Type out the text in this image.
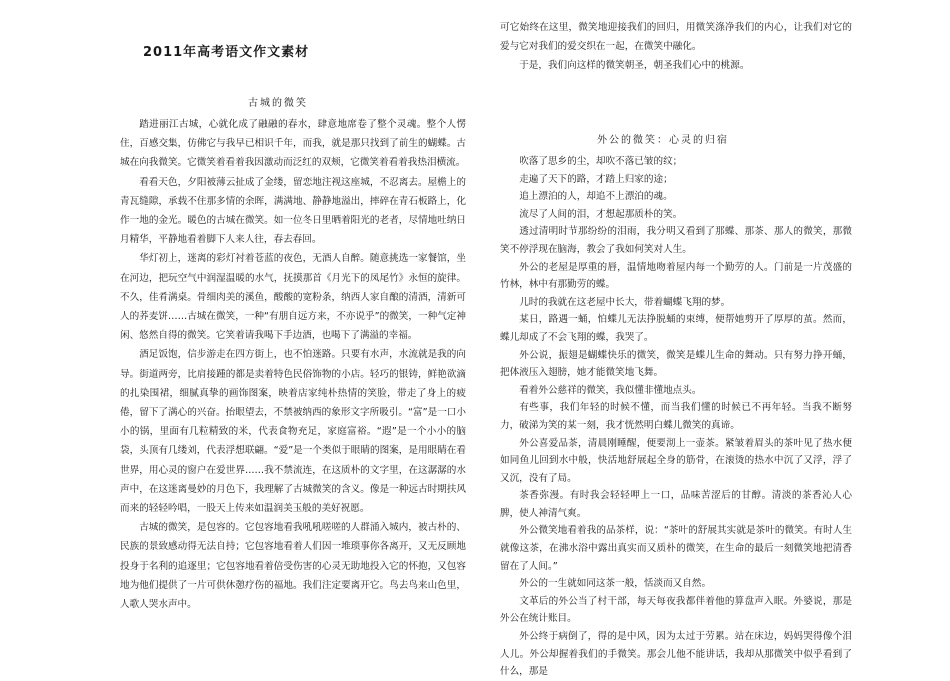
2011年高考语文作文素材
古城的微笑

踏进丽江古城，心就化成了融融的春水，肆意地席卷了整个灵魂。整个人愣住，百感交集，仿佛它与我早已相识千年，而我，就是那只找到了前生的蝴蝶。古城在向我微笑。它微笑着看着我因激动而泛红的双颊，它微笑着看着我热泪横流。

看看天色，夕阳被薄云扯成了金缕，留恋地注视这座城，不忍离去。屋檐上的青瓦缝隙，承载不住那多情的余晖，满满地、静静地溢出，摔碎在青石板路上，化作一地的金光。暖色的古城在微笑。如一位冬日里晒着阳光的老者，尽情地吐纳日月精华，平静地看着脚下人来人往，春去春回。

华灯初上，迷离的彩灯衬着苍蓝的夜色，无酒人自醉。随意挑选一家餐馆，坐在河边，把玩空气中润湿温暖的水气，抚摸那首《月光下的凤尾竹》永恒的旋律。不久，佳肴满桌。骨细肉美的溪鱼，酸酸的宽粉条，纳西人家自酿的清酒，清新可人的荞麦饼……古城在微笑，一种“有朋自远方来，不亦说乎”的微笑，一种气定神闲、悠然自得的微笑。它笑着请我喝下手边酒，也喝下了满溢的幸福。

酒足饭饱，信步游走在四方街上，也不怕迷路。只要有水声，水流就是我的向导。街道两旁，比肩接踵的都是卖着特色民俗饰物的小店。轻巧的银铸，鲜艳欲滴的扎染围裙，细腻真挚的画饰图案，映着店家纯朴热情的笑脸，带走了身上的疲倦，留下了满心的兴奋。抬眼望去，不禁被纳西的象形文字所吸引。“富”是一口小小的锅，里面有几粒精致的米，代表食物充足，家庭富裕。“遐”是一个小小的脑袋，头顶有几缕刘，代表浮想联翩。“爱”是一个类似于眼睛的图案，是用眼睛在看世界，用心灵的窗户在爱世界……我不禁流连，在这质朴的文字里，在这潺潺的水声中，在这迷离曼妙的月色下，我理解了古城微笑的含义。像是一种远古时期扶风而来的轻轻吟唱，一股天上传来如温润美玉般的美好祝愿。

古城的微笑，是包容的。它包容地看我吼吼嗟嗟的人群涌入城内，被古朴的、民族的景致感动得无法自持；它包容地看着人们因一堆琐事你各离开，又无反顾地投身于名利的追逐里；它包容地看着倍受伤害的心灵无助地投入它的怀抱，又包容地为他们提供了一片可供休憩疗伤的福地。我们注定要离开它。鸟去鸟来山色里，人歌人哭水声中。

可它始终在这里，微笑地迎接我们的回归，用微笑涤净我们的内心，让我们对它的爱与它对我们的爱交织在一起，在微笑中融化。

于是，我们向这样的微笑朝圣，朝圣我们心中的桃源。

外公的微笑：心灵的归宿

吹落了思乡的尘，却吹不落已皱的纹；

走遍了天下的路，才踏上归家的途；

追上漂泊的人，却追不上漂泊的魂。

流尽了人间的泪，才想起那质朴的笑。

透过清明时节那纷纷的泪雨，我分明又看到了那蝶、那茶、那人的微笑，那微笑不停浮现在脑海，教会了我如何笑对人生。

外公的老屋是厚重的唇，温情地吻着屋内每一个勤劳的人。门前是一片茂盛的竹林，林中有那勤劳的蝶。

儿时的我就在这老屋中长大，带着蝴蝶飞翔的梦。

某日，路遇一蛹，怕蝶儿无法挣脱蛹的束缚，便帮她剪开了厚厚的茧。然而，蝶儿却成了不会飞翔的蝶，我哭了。

外公说，振翅是蝴蝶快乐的微笑，微笑是蝶儿生命的舞动。只有努力挣开蛹，把体液压入翅膀，她才能微笑地飞舞。

看着外公慈祥的微笑，我似懂非懂地点头。

有些事，我们年轻的时候不懂，而当我们懂的时候已不再年轻。当我不断努力，破涕为笑的某一刻，我才恍然明白蝶儿微笑的真谛。

外公喜爱品茶，清晨刚睡醒，便要沏上一壶茶。紧皱着眉头的茶叶见了热水便如同鱼儿回到水中般，快活地舒展起全身的筋骨，在滚烫的热水中沉了又浮，浮了又沉，没有了局。

茶香弥漫。有时我会轻轻呷上一口，品味苦涩后的甘醇。清淡的茶香沁人心脾，使人神清气爽。

外公微笑地看着我的品茶样，说：“茶叶的舒展其实就是茶叶的微笑。有时人生就像这茶，在沸水浴中露出真实而又质朴的微笑，在生命的最后一刻微笑地把清香留在了人间。”

外公的一生就如同这茶一般，恬淡而又自然。

文革后的外公当了村干部，每天每夜我都伴着他的算盘声入眠。外婆说，那是外公在统计账目。

外公终于病倒了，得的是中风，因为太过于劳累。站在床边，妈妈哭得像个泪人儿。外公却握着我们的手微笑。那会儿他不能讲话，我却从那微笑中似乎看到了什么，那是
